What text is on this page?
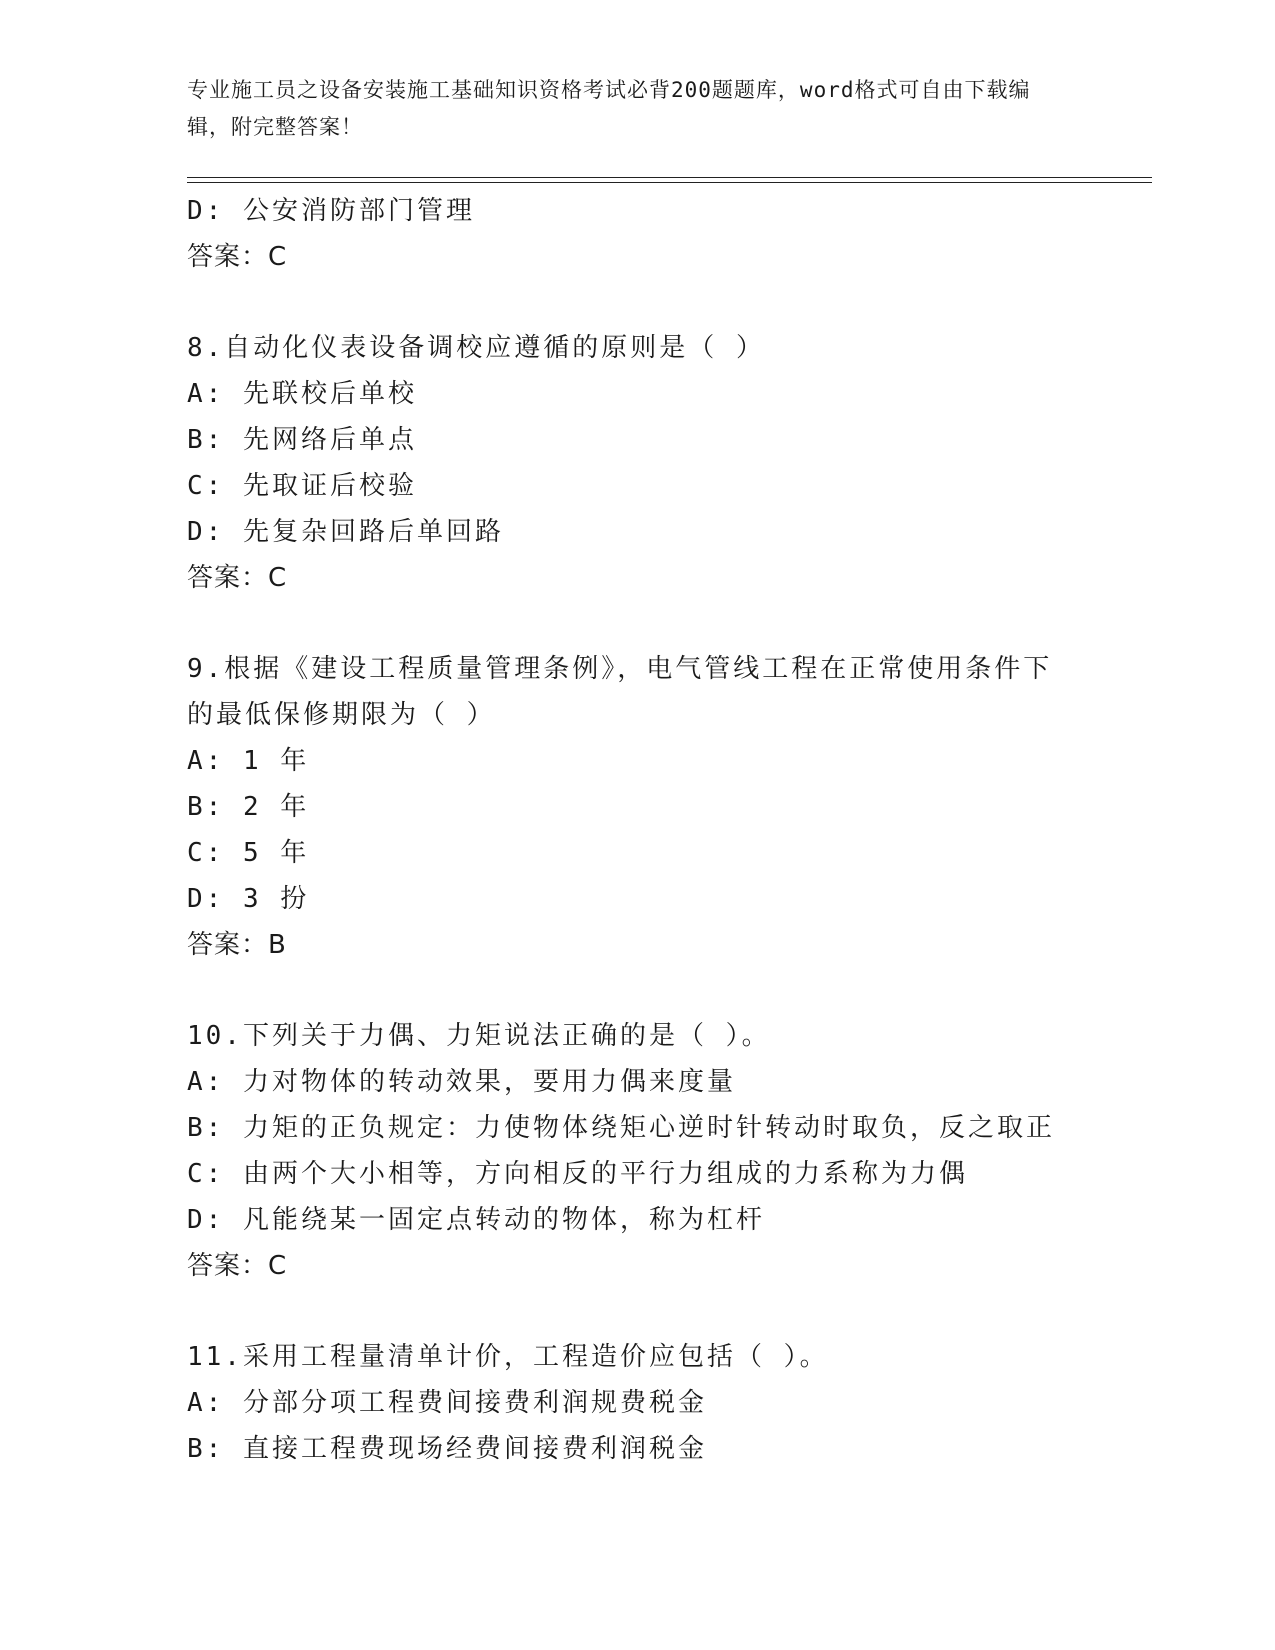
专业施工员之设备安装施工基础知识资格考试必背200题题库，word格式可自由下载编辑，附完整答案！
D: 公安消防部门管理
答案：C
8.自动化仪表设备调校应遵循的原则是（ ）
A: 先联校后单校
B: 先网络后单点
C: 先取证后校验
D: 先复杂回路后单回路
答案：C
9.根据《建设工程质量管理条例》，电气管线工程在正常使用条件下
的最低保修期限为（ ）
A: 1 年
B: 2 年
C: 5 年
D: 3 扮
答案：B
10.下列关于力偶、力矩说法正确的是（ ）。
A: 力对物体的转动效果，要用力偶来度量
B: 力矩的正负规定：力使物体绕矩心逆时针转动时取负，反之取正
C: 由两个大小相等，方向相反的平行力组成的力系称为力偶
D: 凡能绕某一固定点转动的物体，称为杠杆
答案：C
11.采用工程量清单计价，工程造价应包括（ ）。
A: 分部分项工程费间接费利润规费税金
B: 直接工程费现场经费间接费利润税金
